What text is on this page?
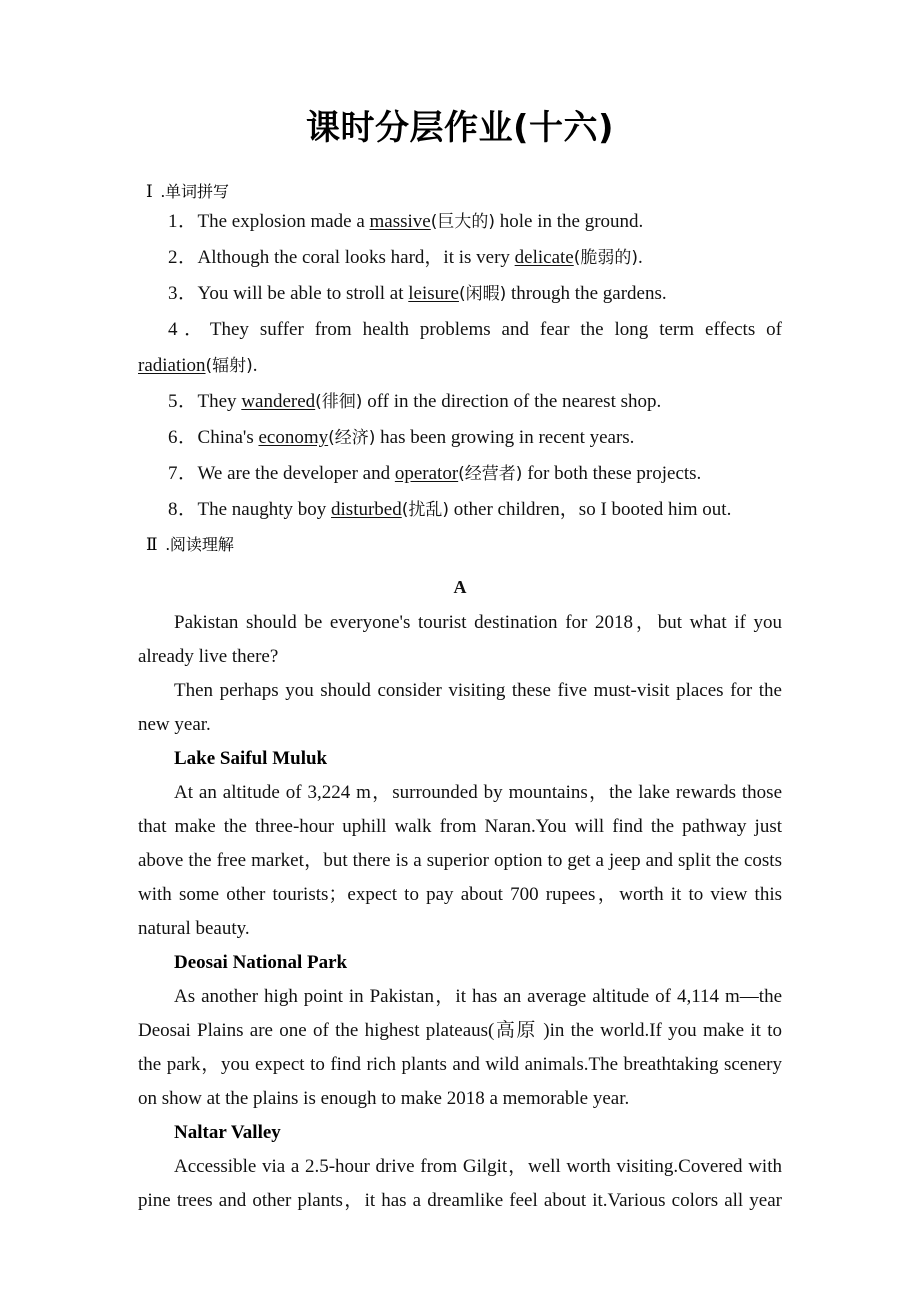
课时分层作业(十六)
Ⅰ .单词拼写
1．The explosion made a massive(巨大的) hole in the ground.
2．Although the coral looks hard，it is very delicate(脆弱的).
3．You will be able to stroll at leisure(闲暇) through the gardens.
4．They suffer from health problems and fear the long term effects of radiation(辐射).
5．They wandered(徘徊) off in the direction of the nearest shop.
6．China's economy(经济) has been growing in recent years.
7．We are the developer and operator(经营者) for both these projects.
8．The naughty boy disturbed(扰乱) other children，so I booted him out.
Ⅱ .阅读理解
A

Pakistan should be everyone's tourist destination for 2018，but what if you already live there?

Then perhaps you should consider visiting these five must-visit places for the new year.

Lake Saiful Muluk

At an altitude of 3,224 m，surrounded by mountains，the lake rewards those that make the three-hour uphill walk from Naran.You will find the pathway just above the free market，but there is a superior option to get a jeep and split the costs with some other tourists；expect to pay about 700 rupees，worth it to view this natural beauty.

Deosai National Park

As another high point in Pakistan，it has an average altitude of 4,114 m—the Deosai Plains are one of the highest plateaus(高原 )in the world.If you make it to the park，you expect to find rich plants and wild animals.The breathtaking scenery on show at the plains is enough to make 2018 a memorable year.

Naltar Valley

Accessible via a 2.5-hour drive from Gilgit，well worth visiting.Covered with pine trees and other plants，it has a dreamlike feel about it.Various colors all year
